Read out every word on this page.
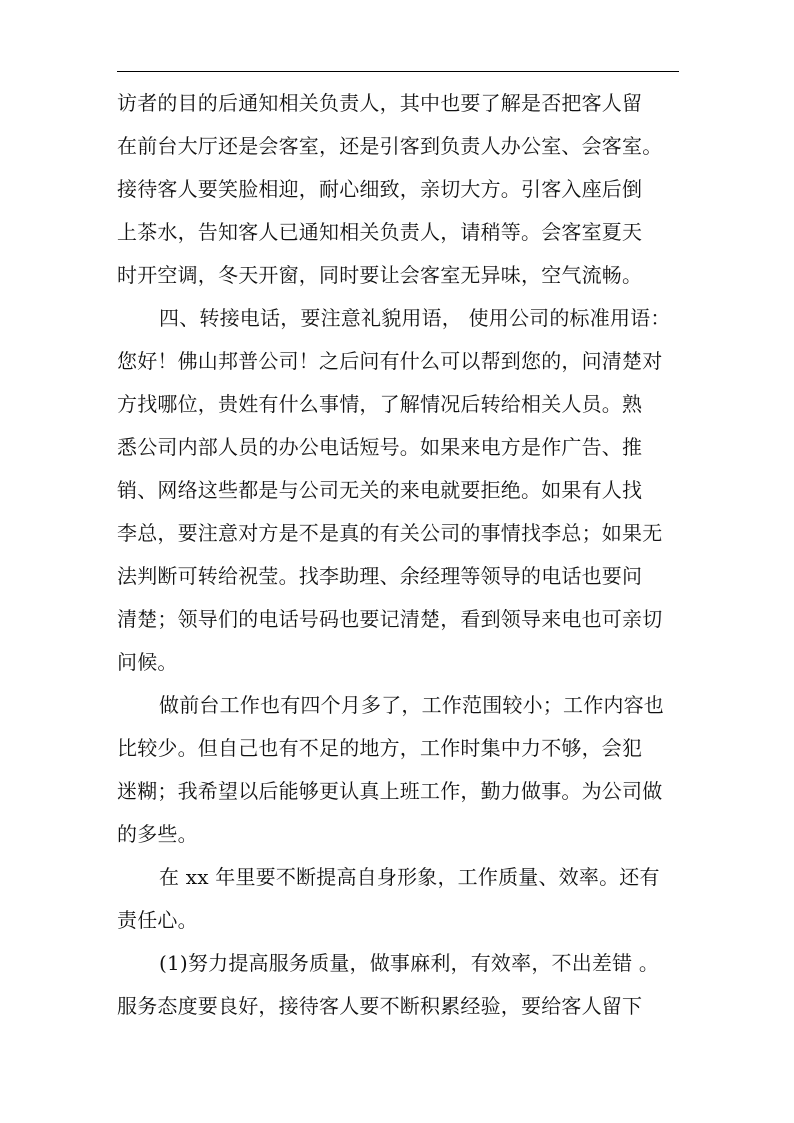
访者的目的后通知相关负责人，其中也要了解是否把客人留
在前台大厅还是会客室，还是引客到负责人办公室、会客室。
接待客人要笑脸相迎，耐心细致，亲切大方。引客入座后倒
上茶水，告知客人已通知相关负责人，请稍等。会客室夏天
时开空调，冬天开窗，同时要让会客室无异味，空气流畅。
四、转接电话，要注意礼貌用语， 使用公司的标准用语：
您好！佛山邦普公司！之后问有什么可以帮到您的，问清楚对
方找哪位，贵姓有什么事情，了解情况后转给相关人员。熟
悉公司内部人员的办公电话短号。如果来电方是作广告、推
销、网络这些都是与公司无关的来电就要拒绝。如果有人找
李总，要注意对方是不是真的有关公司的事情找李总；如果无
法判断可转给祝莹。找李助理、余经理等领导的电话也要问
清楚；领导们的电话号码也要记清楚，看到领导来电也可亲切
问候。
做前台工作也有四个月多了，工作范围较小；工作内容也
比较少。但自己也有不足的地方，工作时集中力不够，会犯
迷糊；我希望以后能够更认真上班工作，勤力做事。为公司做
的多些。
在 xx 年里要不断提高自身形象，工作质量、效率。还有
责任心。
(1)努力提高服务质量，做事麻利，有效率，不出差错 。
服务态度要良好，接待客人要不断积累经验，要给客人留下
